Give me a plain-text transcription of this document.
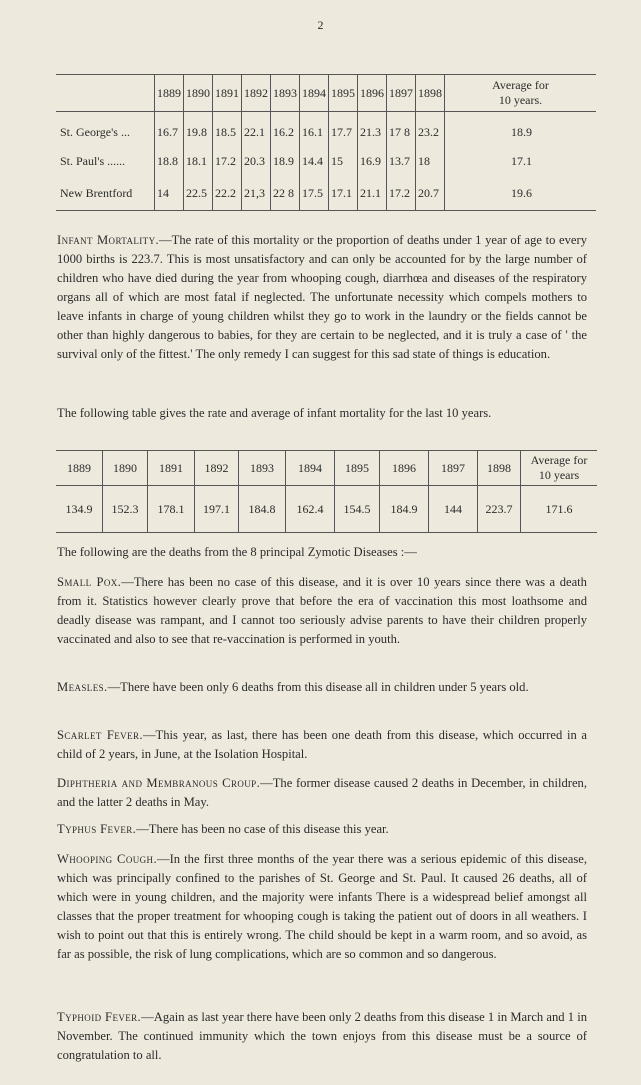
2
	1889	1890	1891	1892	1893	1894	1895	1896	1897	1898	Average for
10 years.

St. George's ...	16.7	19.8	18.5	22.1	16.2	16.1	17.7	21.3	17 8	23.2	18.9
St. Paul's ......	18.8	18.1	17.2	20.3	18.9	14.4	15	16.9	13.7	18	17.1
New Brentford	14	22.5	22.2	21,3	22 8	17.5	17.1	21.1	17.2	20.7	19.6

Infant Mortality.—The rate of this mortality or the proportion of deaths under 1 year of age to every 1000 births is 223.7. This is most unsatisfactory and can only be accounted for by the large number of children who have died during the year from whooping cough, diarrhœa and diseases of the respiratory organs all of which are most fatal if neglected. The unfortunate necessity which compels mothers to leave infants in charge of young children whilst they go to work in the laundry or the fields cannot be other than highly dangerous to babies, for they are certain to be neglected, and it is truly a case of ' the survival only of the fittest.' The only remedy I can suggest for this sad state of things is education.

The following table gives the rate and average of infant mortality for the last 10 years.

1889	1890	1891	1892	1893	1894	1895	1896	1897	1898	Average for
10 years

134.9	152.3	178.1	197.1	184.8	162.4	154.5	184.9	144	223.7	171.6

The following are the deaths from the 8 principal Zymotic Diseases :—

Small Pox.—There has been no case of this disease, and it is over 10 years since there was a death from it. Statistics however clearly prove that before the era of vaccination this most loathsome and deadly disease was rampant, and I cannot too seriously advise parents to have their children properly vaccinated and also to see that re-vaccination is performed in youth.

Measles.—There have been only 6 deaths from this disease all in children under 5 years old.

Scarlet Fever.—This year, as last, there has been one death from this disease, which occurred in a child of 2 years, in June, at the Isolation Hospital.

Diphtheria and Membranous Croup.—The former disease caused 2 deaths in December, in children, and the latter 2 deaths in May.

Typhus Fever.—There has been no case of this disease this year.

Whooping Cough.—In the first three months of the year there was a serious epidemic of this disease, which was principally confined to the parishes of St. George and St. Paul. It caused 26 deaths, all of which were in young children, and the majority were infants There is a widespread belief amongst all classes that the proper treatment for whooping cough is taking the patient out of doors in all weathers. I wish to point out that this is entirely wrong. The child should be kept in a warm room, and so avoid, as far as possible, the risk of lung complications, which are so common and so dangerous.

Typhoid Fever.—Again as last year there have been only 2 deaths from this disease 1 in March and 1 in November. The continued immunity which the town enjoys from this disease must be a source of congratulation to all.
